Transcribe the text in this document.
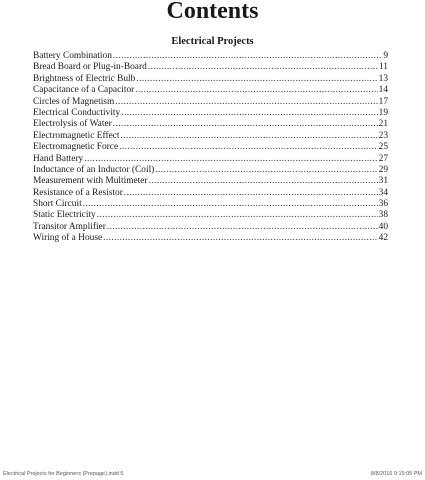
Contents
Electrical Projects
Battery Combination .....	9
Bread Board or Plug-in-Board .....	11
Brightness of Electric Bulb .....	13
Capacitance of a Capacitor .....	14
Circles of Magnetism .....	17
Electrical Conductivity .....	19
Electrolysis of Water .....	21
Electromagnetic Effect .....	23
Electromagnetic Force .....	25
Hand Battery .....	27
Inductance of an Inductor (Coil) .....	29
Measurement with Multimeter .....	31
Resistance of a Resistor .....	34
Short Circuit .....	36
Static Electricity .....	38
Transitor Amplifier .....	40
Wiring of a House .....	42
Electrical Projects for Beginners (Prepage).indd 5	8/8/2016 9:19:05 PM
